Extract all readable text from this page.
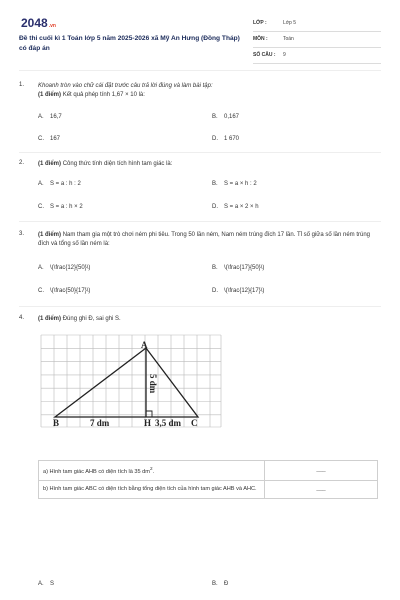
2048.vn
Đề thi cuối kì 1 Toán lớp 5 năm 2025-2026 xã Mỹ An Hưng (Đồng Tháp) có đáp án
LỚP :	Lớp 5
MÔN :	Toán
SỐ CÂU : 9
1. Khoanh tròn vào chữ cái đặt trước câu trả lời đúng và làm bài tập:
(1 điểm) Kết quả phép tính 1,67 × 10 là:
A. 16,7	B. 0,167
C. 167	D. 1 670
2. (1 điểm) Công thức tính diện tích hình tam giác là:
A. S = a : h : 2	B. S = a × h : 2
C. S = a : h × 2	D. S = a × 2 × h
3. (1 điểm) Nam tham gia một trò chơi ném phi tiêu. Trong 50 lần ném, Nam ném trúng đích 17 lần. Tỉ số giữa số lần ném trúng đích và tổng số lần ném là:
A. \(\frac{12}{50}\)	B. \(\frac{17}{50}\)
C. \(\frac{50}{17}\)	D. \(\frac{12}{17}\)
4. (1 điểm) Đúng ghi Đ, sai ghi S.
A
B	H	C
7 dm	3,5 dm
5 dm
a) Hình tam giác AHB có diện tích là 35 $dm^2$.	___
b) Hình tam giác ABC có diện tích bằng tổng diện tích của hình tam giác AHB và AHC.	___
A. S	B. Đ
